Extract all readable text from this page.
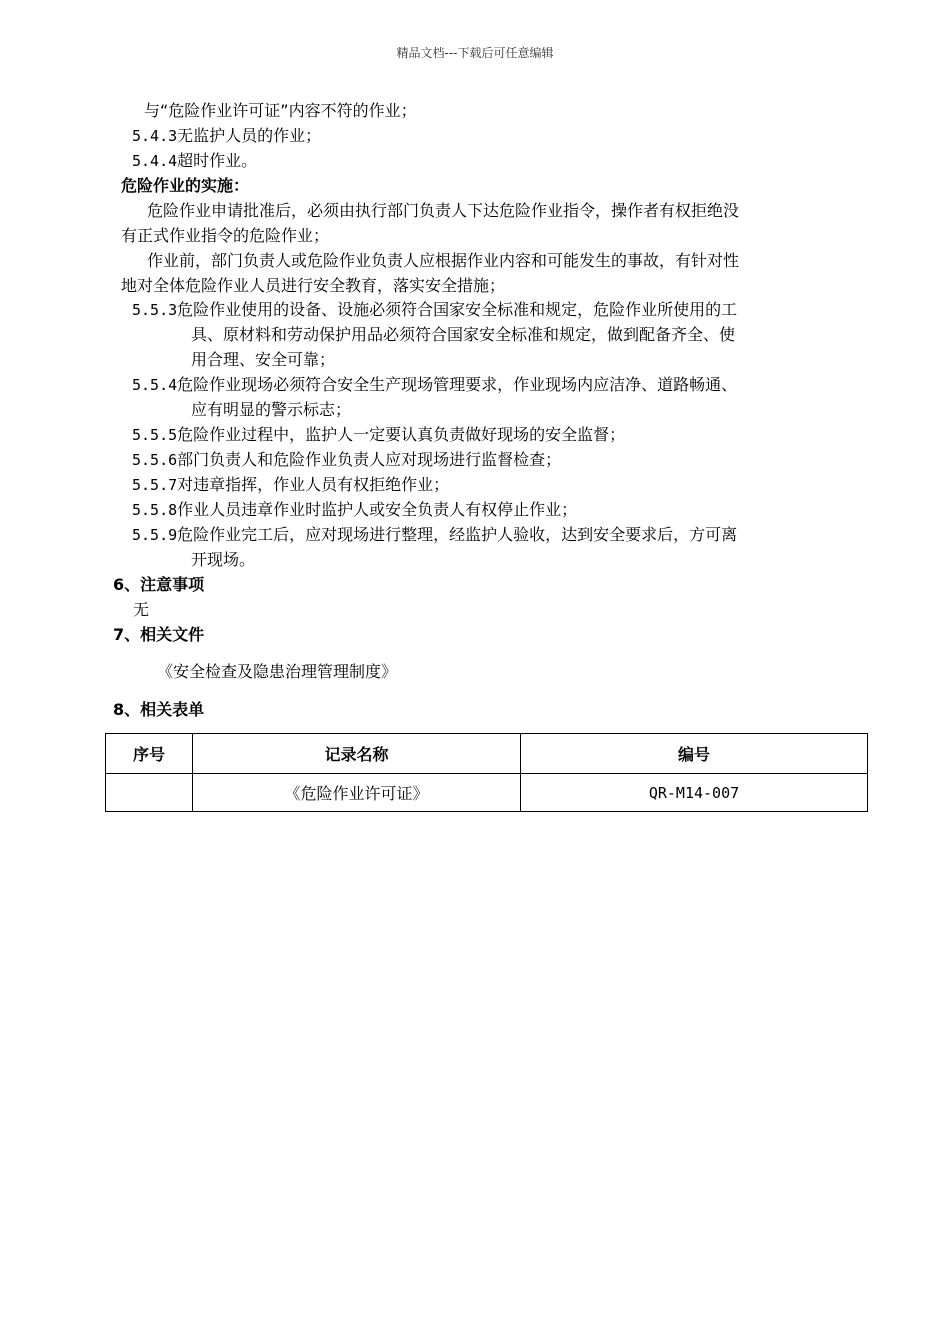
精品文档---下载后可任意编辑
与“危险作业许可证”内容不符的作业；
5.4.3无监护人员的作业；
5.4.4超时作业。
危险作业的实施：
危险作业申请批准后，必须由执行部门负责人下达危险作业指令，操作者有权拒绝没
有正式作业指令的危险作业；
作业前，部门负责人或危险作业负责人应根据作业内容和可能发生的事故，有针对性
地对全体危险作业人员进行安全教育，落实安全措施；
5.5.3危险作业使用的设备、设施必须符合国家安全标准和规定，危险作业所使用的工
具、原材料和劳动保护用品必须符合国家安全标准和规定，做到配备齐全、使
用合理、安全可靠；
5.5.4危险作业现场必须符合安全生产现场管理要求，作业现场内应洁净、道路畅通、
应有明显的警示标志；
5.5.5危险作业过程中，监护人一定要认真负责做好现场的安全监督；
5.5.6部门负责人和危险作业负责人应对现场进行监督检查；
5.5.7对违章指挥，作业人员有权拒绝作业；
5.5.8作业人员违章作业时监护人或安全负责人有权停止作业；
5.5.9危险作业完工后，应对现场进行整理，经监护人验收，达到安全要求后，方可离
开现场。
6、注意事项
无
7、相关文件
《安全检查及隐患治理管理制度》
8、相关表单
序号	记录名称	编号
	《危险作业许可证》	QR-M14-007
